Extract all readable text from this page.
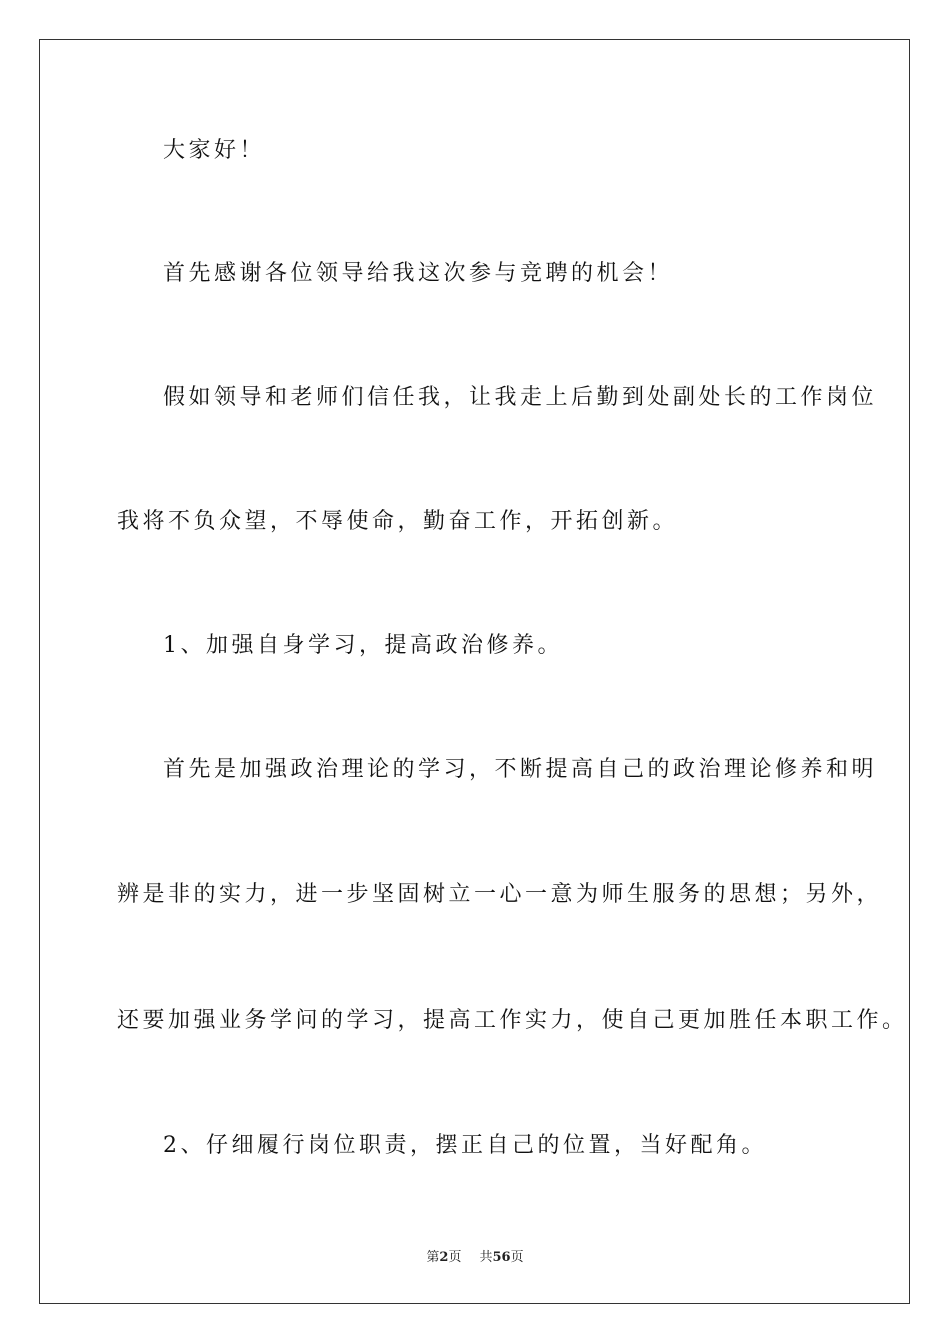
大家好！
首先感谢各位领导给我这次参与竞聘的机会！
假如领导和老师们信任我，让我走上后勤到处副处长的工作岗位
我将不负众望，不辱使命，勤奋工作，开拓创新。
1、加强自身学习，提高政治修养。
首先是加强政治理论的学习，不断提高自己的政治理论修养和明
辨是非的实力，进一步坚固树立一心一意为师生服务的思想；另外，
还要加强业务学问的学习，提高工作实力，使自己更加胜任本职工作。
2、仔细履行岗位职责，摆正自己的位置，当好配角。
第2页 共56页
